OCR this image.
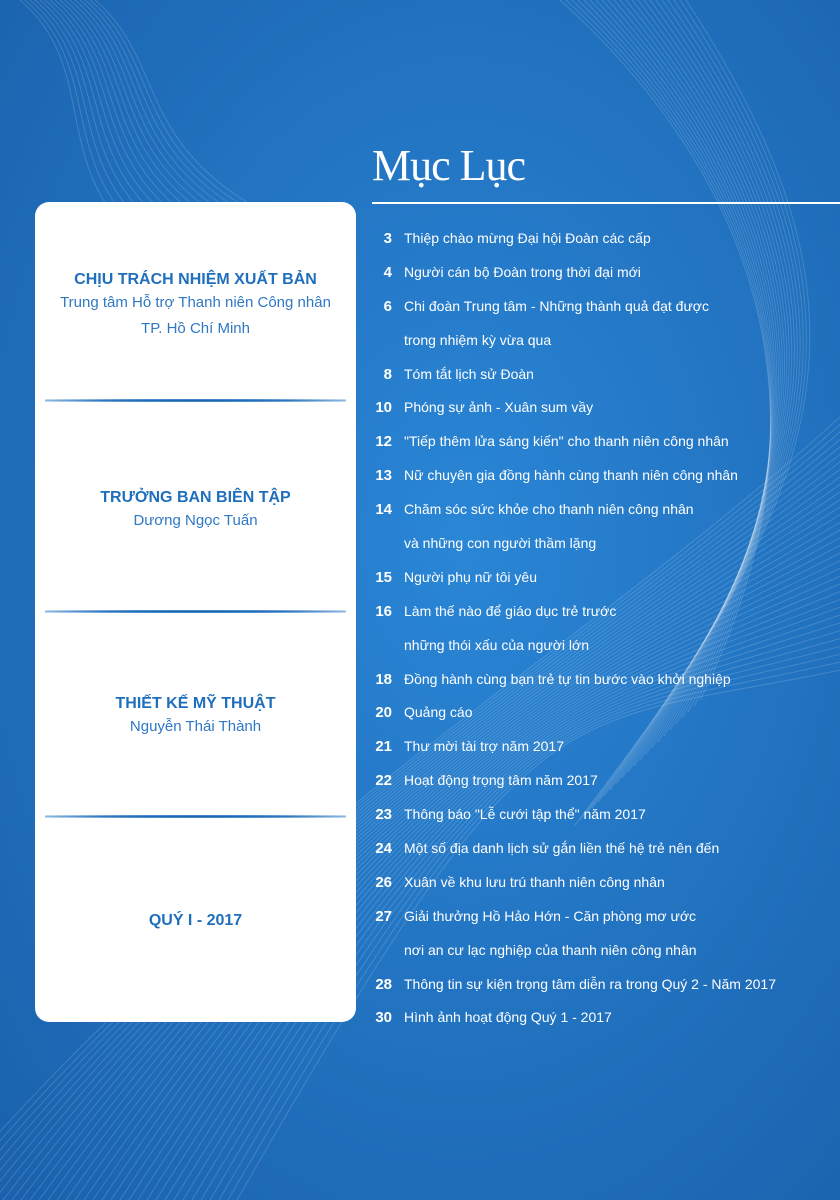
Mục Lục
CHỊU TRÁCH NHIỆM XUẤT BẢN
Trung tâm Hỗ trợ Thanh niên Công nhân
TP. Hồ Chí Minh
TRƯỞNG BAN BIÊN TẬP
Dương Ngọc Tuấn
THIẾT KẾ MỸ THUẬT
Nguyễn Thái Thành
QUÝ I - 2017
3 Thiệp chào mừng Đại hội Đoàn các cấp
4 Người cán bộ Đoàn trong thời đại mới
6 Chi đoàn Trung tâm - Những thành quả đạt được
trong nhiệm kỳ vừa qua
8 Tóm tắt lịch sử Đoàn
10 Phóng sự ảnh - Xuân sum vầy
12 "Tiếp thêm lửa sáng kiến" cho thanh niên công nhân
13 Nữ chuyên gia đồng hành cùng thanh niên công nhân
14 Chăm sóc sức khỏe cho thanh niên công nhân
và những con người thầm lặng
15 Người phụ nữ tôi yêu
16 Làm thế nào để giáo dục trẻ trước
những thói xấu của người lớn
18 Đồng hành cùng bạn trẻ tự tin bước vào khởi nghiệp
20 Quảng cáo
21 Thư mời tài trợ năm 2017
22 Hoạt động trọng tâm năm 2017
23 Thông báo "Lễ cưới tập thể" năm 2017
24 Một số địa danh lịch sử gắn liền thế hệ trẻ nên đến
26 Xuân về khu lưu trú thanh niên công nhân
27 Giải thưởng Hồ Hảo Hớn - Căn phòng mơ ước
nơi an cư lạc nghiệp của thanh niên công nhân
28 Thông tin sự kiện trọng tâm diễn ra trong Quý 2 - Năm 2017
30 Hình ảnh hoạt động Quý 1 - 2017
